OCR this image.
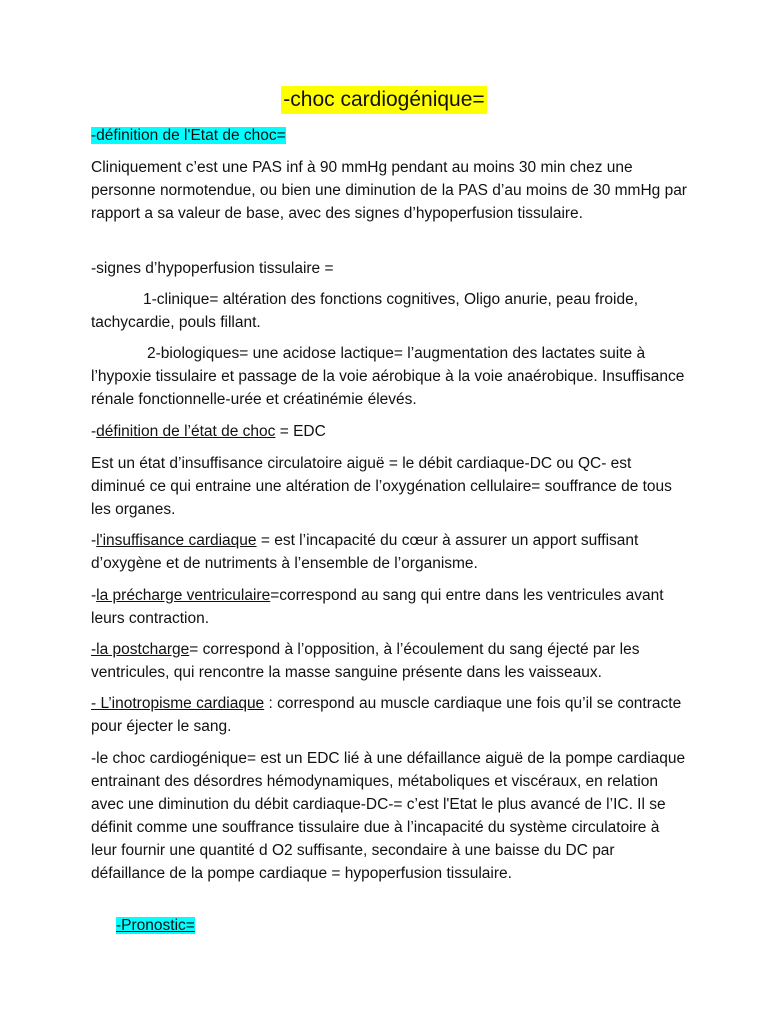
-choc cardiogénique=

-définition de l'Etat de choc=

Cliniquement c’est une PAS inf à 90 mmHg pendant au moins 30 min chez une personne normotendue, ou bien une diminution de la PAS d’au moins de 30 mmHg par rapport a sa valeur de base, avec des signes d’hypoperfusion tissulaire.

-signes d’hypoperfusion tissulaire =

1-clinique= altération des fonctions cognitives, Oligo anurie, peau froide, tachycardie, pouls fillant.

2-biologiques= une acidose lactique= l’augmentation des lactates suite à l’hypoxie tissulaire et passage de la voie aérobique à la voie anaérobique. Insuffisance rénale fonctionnelle-urée et créatinémie élevés.

-définition de l’état de choc = EDC

Est un état d’insuffisance circulatoire aiguë = le débit cardiaque-DC ou QC- est diminué ce qui entraine une altération de l’oxygénation cellulaire= souffrance de tous les organes.

-l'insuffisance cardiaque = est l’incapacité du cœur à assurer un apport suffisant d’oxygène et de nutriments à l’ensemble de l’organisme.

-la précharge ventriculaire=correspond au sang qui entre dans les ventricules avant leurs contraction.

-la postcharge= correspond à l’opposition, à l’écoulement du sang éjecté par les ventricules, qui rencontre la masse sanguine présente dans les vaisseaux.

- L’inotropisme cardiaque : correspond au muscle cardiaque une fois qu’il se contracte pour éjecter le sang.

-le choc cardiogénique= est un EDC lié à une défaillance aiguë de la pompe cardiaque entrainant des désordres hémodynamiques, métaboliques et viscéraux, en relation avec une diminution du débit cardiaque-DC-= c’est l'Etat le plus avancé de l’IC. Il se définit comme une souffrance tissulaire due à l’incapacité du système circulatoire à leur fournir une quantité d O2 suffisante, secondaire à une baisse du DC par défaillance de la pompe cardiaque = hypoperfusion tissulaire.

-Pronostic=
